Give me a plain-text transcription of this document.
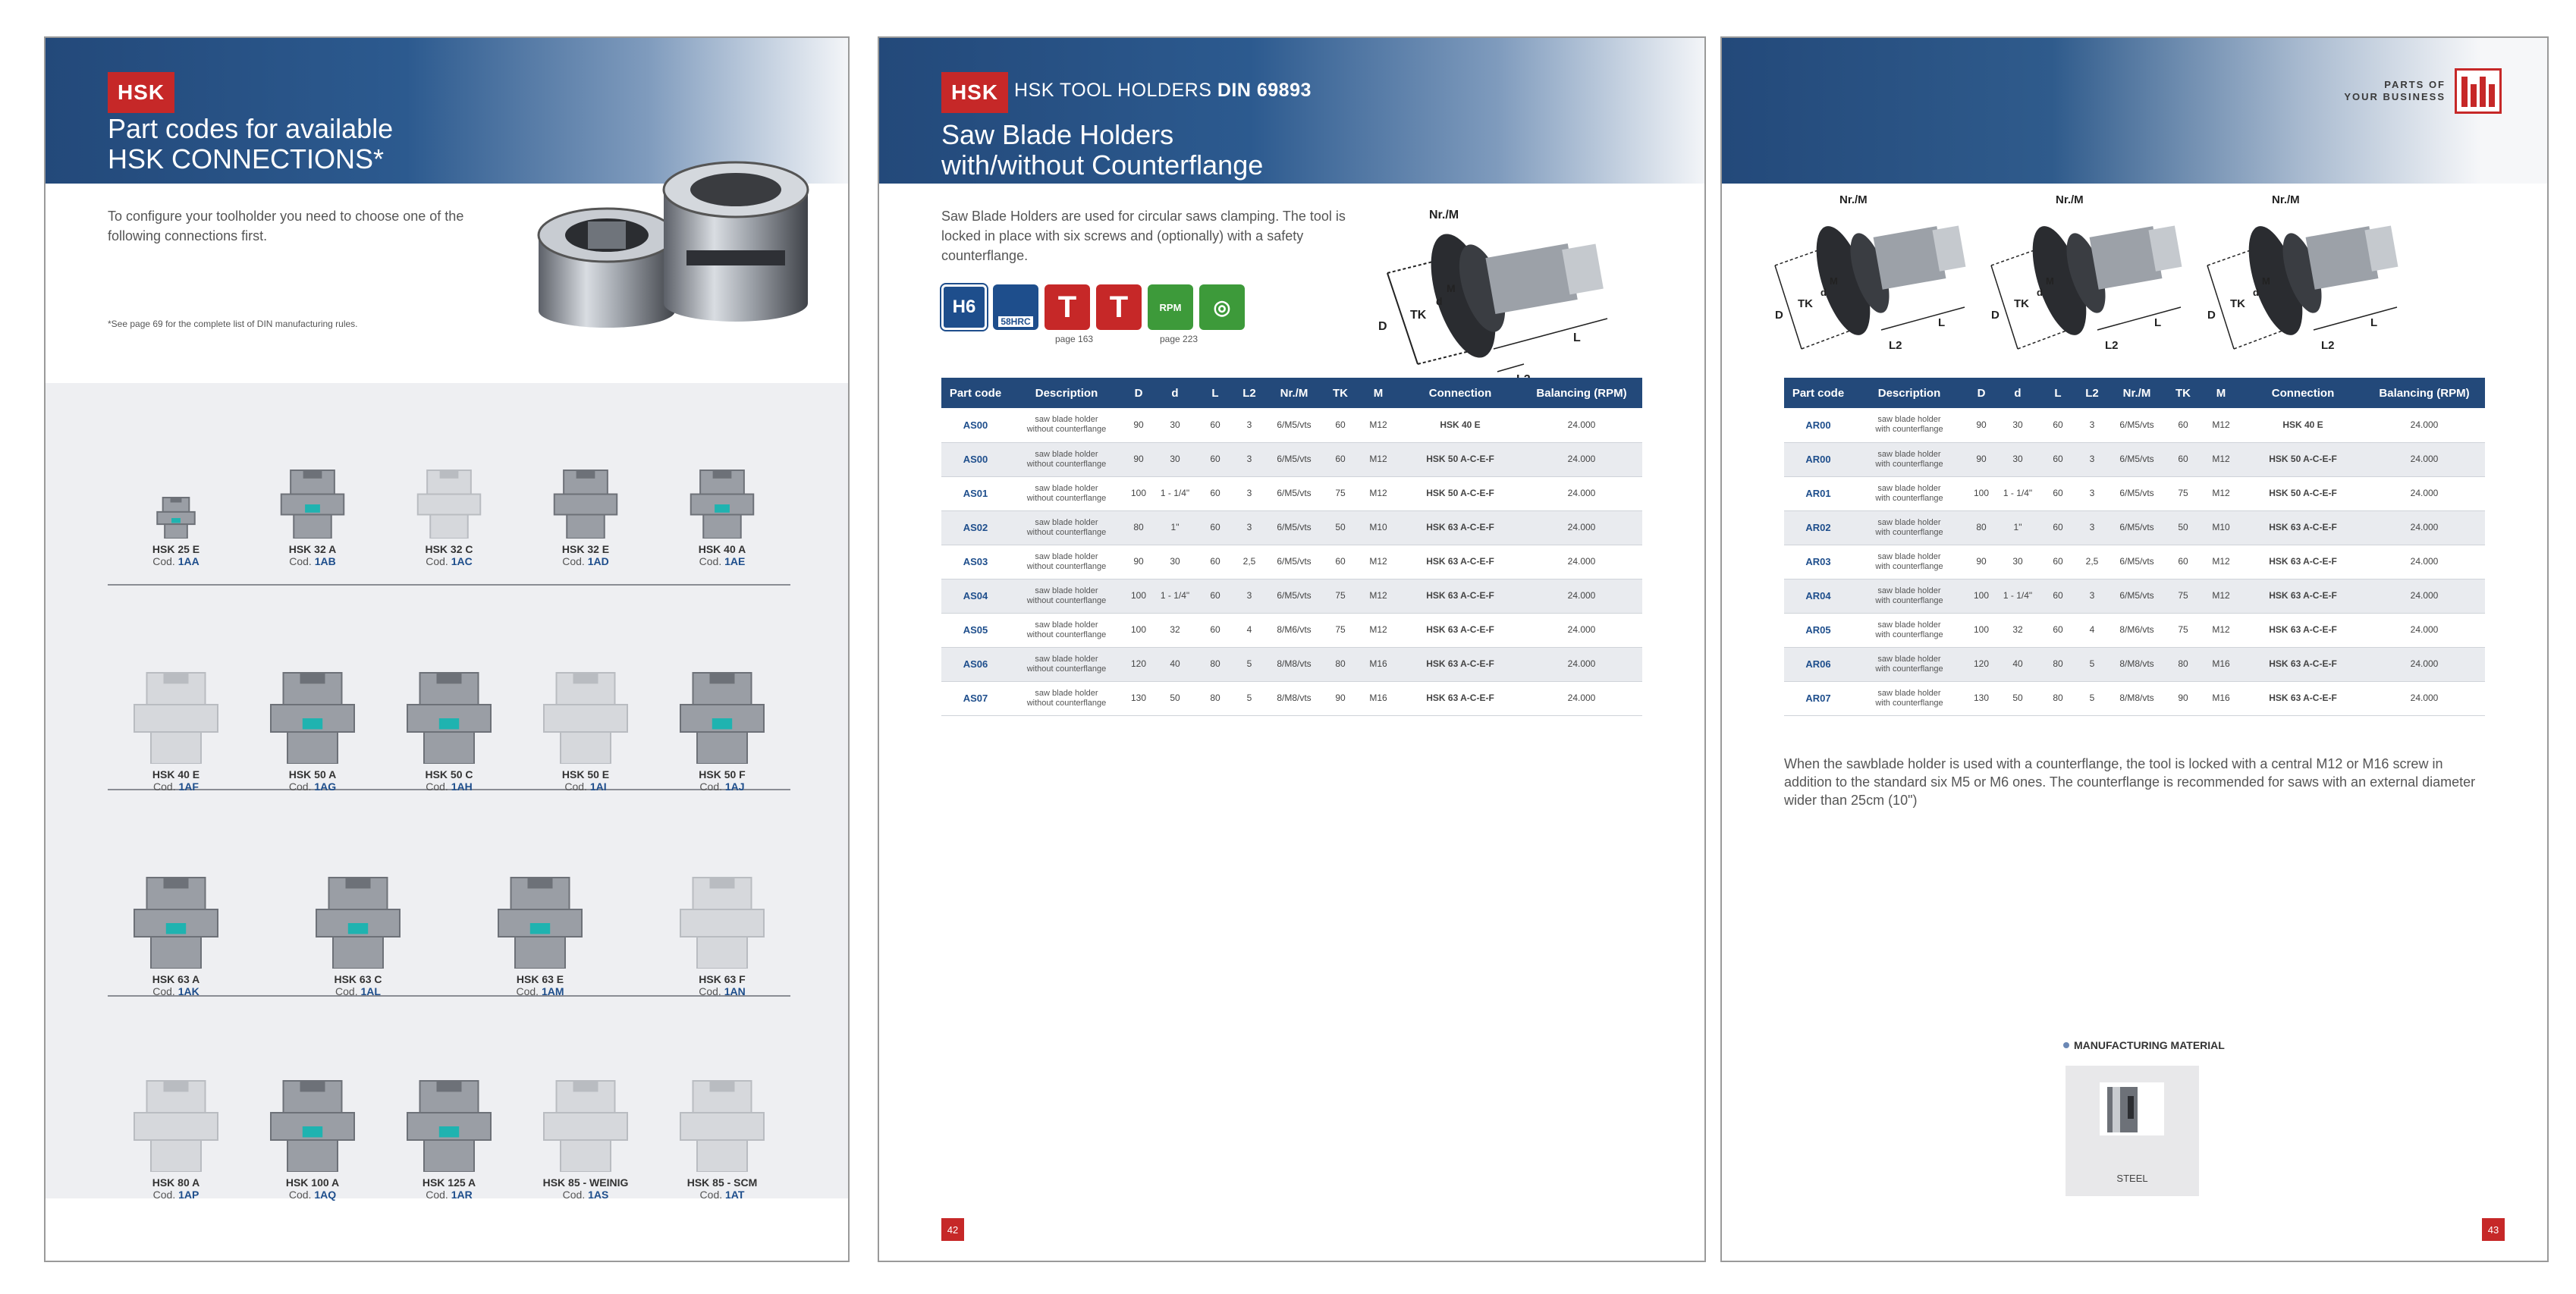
HSK
Part codes for available
HSK CONNECTIONS*
To configure your toolholder you need to choose one of the following connections first.
*See page 69 for the complete list of DIN manufacturing rules.
HSK 25 E
Cod. 1AA
HSK 32 A
Cod. 1AB
HSK 32 C
Cod. 1AC
HSK 32 E
Cod. 1AD
HSK 40 A
Cod. 1AE
HSK 40 E
Cod. 1AF
HSK 50 A
Cod. 1AG
HSK 50 C
Cod. 1AH
HSK 50 E
Cod. 1AI
HSK 50 F
Cod. 1AJ
HSK 63 A
Cod. 1AK
HSK 63 C
Cod. 1AL
HSK 63 E
Cod. 1AM
HSK 63 F
Cod. 1AN
HSK 80 A
Cod. 1AP
HSK 100 A
Cod. 1AQ
HSK 125 A
Cod. 1AR
HSK 85 - WEINIG
Cod. 1AS
HSK 85 - SCM
Cod. 1AT
HSK HSK TOOL HOLDERS DIN 69893
Saw Blade Holders
with/without Counterflange
Saw Blade Holders are used for circular saws clamping. The tool is locked in place with six screws and (optionally) with a safety counterflange.
H6
58HRC T T	RPM ◎
page 163	page 223
Nr./M
D
TK
d
M
L
Part code	Description	D	d	L	L2	Nr./M	TK	M	Connection	Balancing (RPM)
AS00	saw blade holder
without counterflange	90	30	60	3	6/M5/vts	60	M12	HSK 40 E	24.000
AS00	saw blade holder
without counterflange	90	30	60	3	6/M5/vts	60	M12	HSK 50 A-C-E-F	24.000
AS01	saw blade holder
without counterflange	100	1 - 1/4"	60	3	6/M5/vts	75	M12	HSK 50 A-C-E-F	24.000
AS02	saw blade holder
without counterflange	80	1"	60	3	6/M5/vts	50	M10	HSK 63 A-C-E-F	24.000
AS03	saw blade holder
without counterflange	90	30	60	2,5	6/M5/vts	60	M12	HSK 63 A-C-E-F	24.000
AS04	saw blade holder
without counterflange	100	1 - 1/4"	60	3	6/M5/vts	75	M12	HSK 63 A-C-E-F	24.000
AS05	saw blade holder
without counterflange	100	32	60	4	8/M6/vts	75	M12	HSK 63 A-C-E-F	24.000
AS06	saw blade holder
without counterflange	120	40	80	5	8/M8/vts	80	M16	HSK 63 A-C-E-F	24.000
AS07	saw blade holder
without counterflange	130	50	80	5	8/M8/vts	90	M16	HSK 63 A-C-E-F	24.000
42
PARTS OF
YOUR BUSINESS
Nr./M
D
TK
d
M
L
L2
Nr./M
D
TK
d
M
L
L2
Nr./M
D
TK
d
M
L
L2
Part code	Description	D	d	L	L2	Nr./M	TK	M	Connection	Balancing (RPM)
AR00	saw blade holder
with counterflange	90	30	60	3	6/M5/vts	60	M12	HSK 40 E	24.000
AR00	saw blade holder
with counterflange	90	30	60	3	6/M5/vts	60	M12	HSK 50 A-C-E-F	24.000
AR01	saw blade holder
with counterflange	100	1 - 1/4"	60	3	6/M5/vts	75	M12	HSK 50 A-C-E-F	24.000
AR02	saw blade holder
with counterflange	80	1"	60	3	6/M5/vts	50	M10	HSK 63 A-C-E-F	24.000
AR03	saw blade holder
with counterflange	90	30	60	2,5	6/M5/vts	60	M12	HSK 63 A-C-E-F	24.000
AR04	saw blade holder
with counterflange	100	1 - 1/4"	60	3	6/M5/vts	75	M12	HSK 63 A-C-E-F	24.000
AR05	saw blade holder
with counterflange	100	32	60	4	8/M6/vts	75	M12	HSK 63 A-C-E-F	24.000
AR06	saw blade holder
with counterflange	120	40	80	5	8/M8/vts	80	M16	HSK 63 A-C-E-F	24.000
AR07	saw blade holder
with counterflange	130	50	80	5	8/M8/vts	90	M16	HSK 63 A-C-E-F	24.000
When the sawblade holder is used with a counterflange, the tool is locked with a central M12 or M16 screw in addition to the standard six M5 or M6 ones. The counterflange is recommended for saws with an external diameter wider than 25cm (10")
MANUFACTURING MATERIAL
STEEL
43
